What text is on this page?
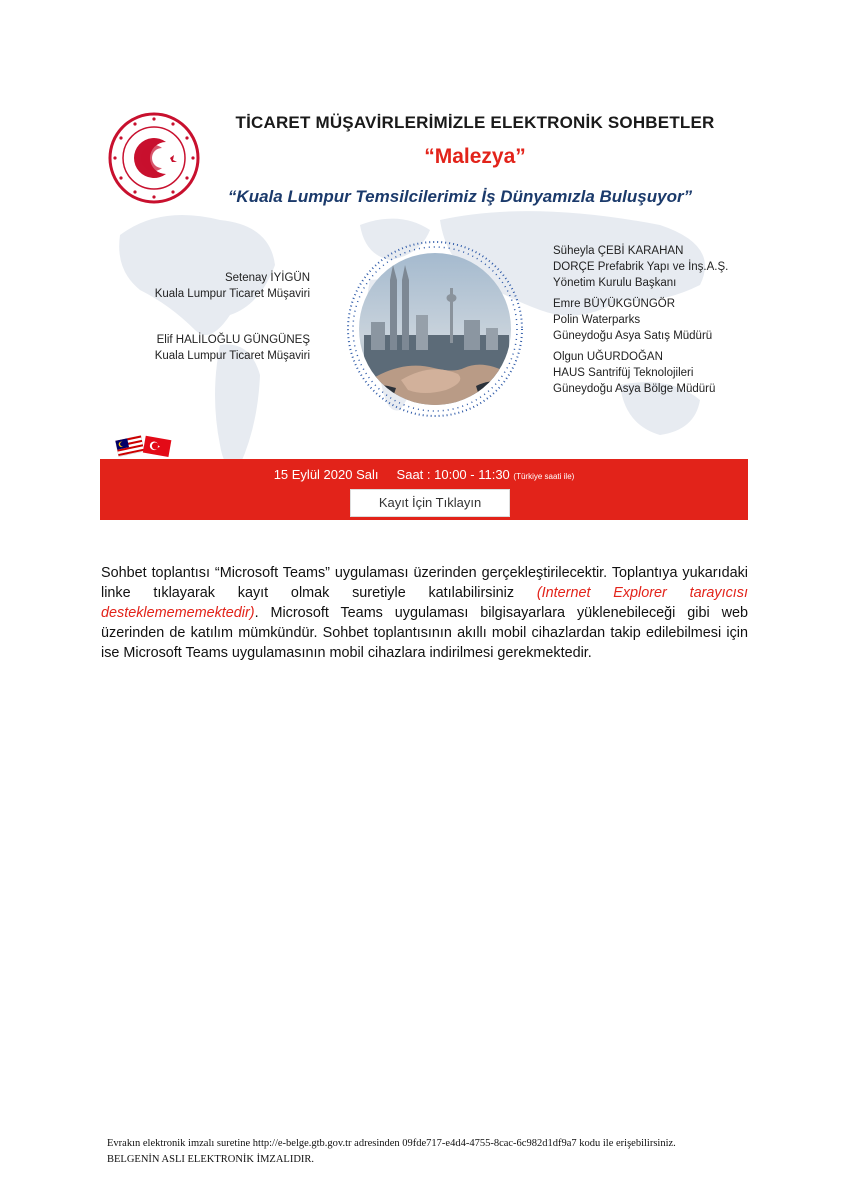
TİCARET MÜŞAVİRLERİMİZLE ELEKTRONİK SOHBETLER
“Malezya”
“Kuala Lumpur Temsilcilerimiz İş Dünyamızla Buluşuyor”
Setenay İYİGÜN
Kuala Lumpur Ticaret Müşaviri
Elif HALİLOĞLU GÜNGÜNEŞ
Kuala Lumpur Ticaret Müşaviri
Süheyla ÇEBİ KARAHAN
DORÇE Prefabrik Yapı ve İnş.A.Ş.
Yönetim Kurulu Başkanı
Emre BÜYÜKGÜNGÖR
Polin Waterparks
Güneydoğu Asya Satış Müdürü
Olgun UĞURDOĞAN
HAUS Santrifüj Teknolojileri
Güneydoğu Asya Bölge Müdürü
15 Eylül 2020 Salı Saat : 10:00 - 11:30 (Türkiye saati ile)
Kayıt İçin Tıklayın
Sohbet toplantısı “Microsoft Teams” uygulaması üzerinden gerçekleştirilecektir. Toplantıya yukarıdaki linke tıklayarak kayıt olmak suretiyle katılabilirsiniz (Internet Explorer tarayıcısı desteklemememektedir). Microsoft Teams uygulaması bilgisayarlara yüklenebileceği gibi web üzerinden de katılım mümkündür. Sohbet toplantısının akıllı mobil cihazlardan takip edilebilmesi için ise Microsoft Teams uygulamasının mobil cihazlara indirilmesi gerekmektedir.
Evrakın elektronik imzalı suretine http://e-belge.gtb.gov.tr adresinden 09fde717-e4d4-4755-8cac-6c982d1df9a7 kodu ile erişebilirsiniz.
BELGENİN ASLI ELEKTRONİK İMZALIDIR.
